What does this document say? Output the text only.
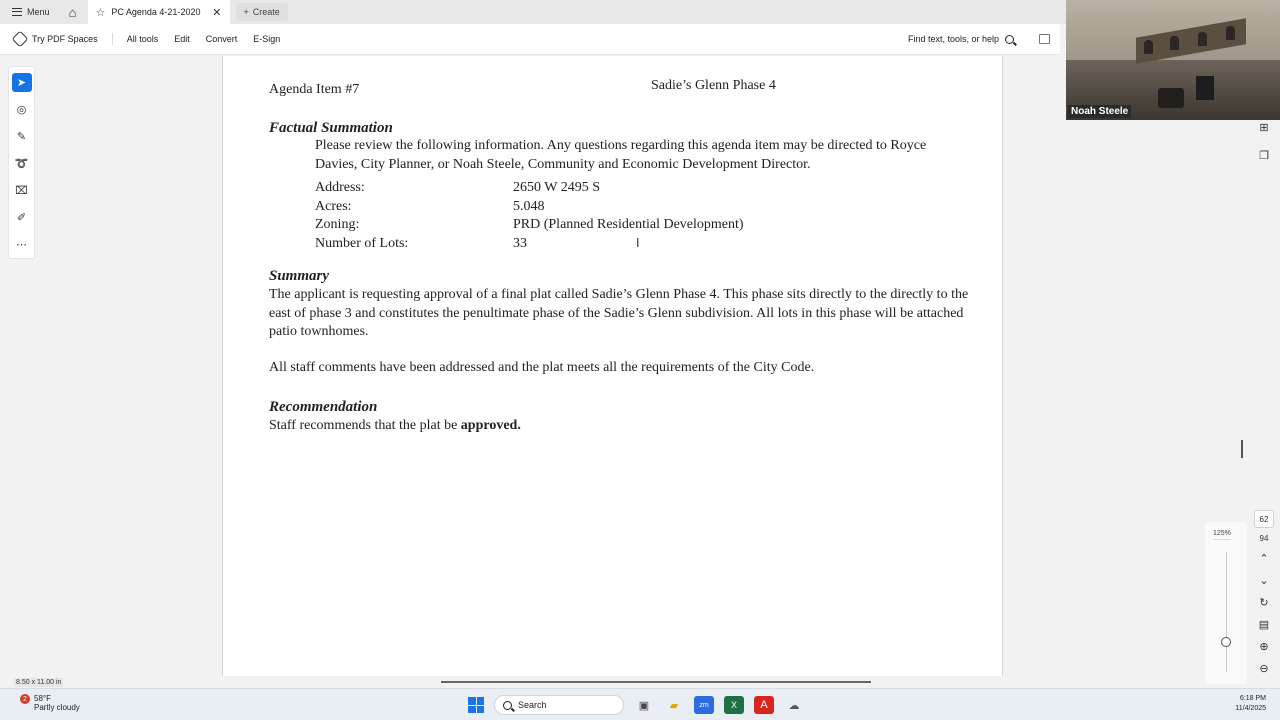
Menu	⌂	☆ PC Agenda 4-21-2020	✕ + Create
Try PDF Spaces	All tools	Edit	Convert	E-Sign	Find text, tools, or help
➤
◎
✎
➰
⌧
✐
⋯
Agenda Item #7	Sadie’s Glenn Phase 4
Factual Summation
Please review the following information. Any questions regarding this agenda item may be directed to Royce Davies, City Planner, or Noah Steele, Community and Economic Development Director.
Address:	2650 W 2495 S
Acres:	5.048
Zoning:	PRD (Planned Residential Development)
Number of Lots:	33	I
Summary
The applicant is requesting approval of a final plat called Sadie’s Glenn Phase 4. This phase sits directly to the directly to the east of phase 3 and constitutes the penultimate phase of the Sadie’s Glenn subdivision. All lots in this phase will be attached patio townhomes.
All staff comments have been addressed and the plat meets all the requirements of the City Code.
Recommendation
Staff recommends that the plat be approved.
⊞
❐
62
94
⌃
⌄
↻
▤
⊕
⊖
125%
8.50 x 11.00 in
Noah Steele
2 58°F
Partly cloudy	Search	▣	▰	zm	X	A	☁
6:18 PM
11/4/2025
